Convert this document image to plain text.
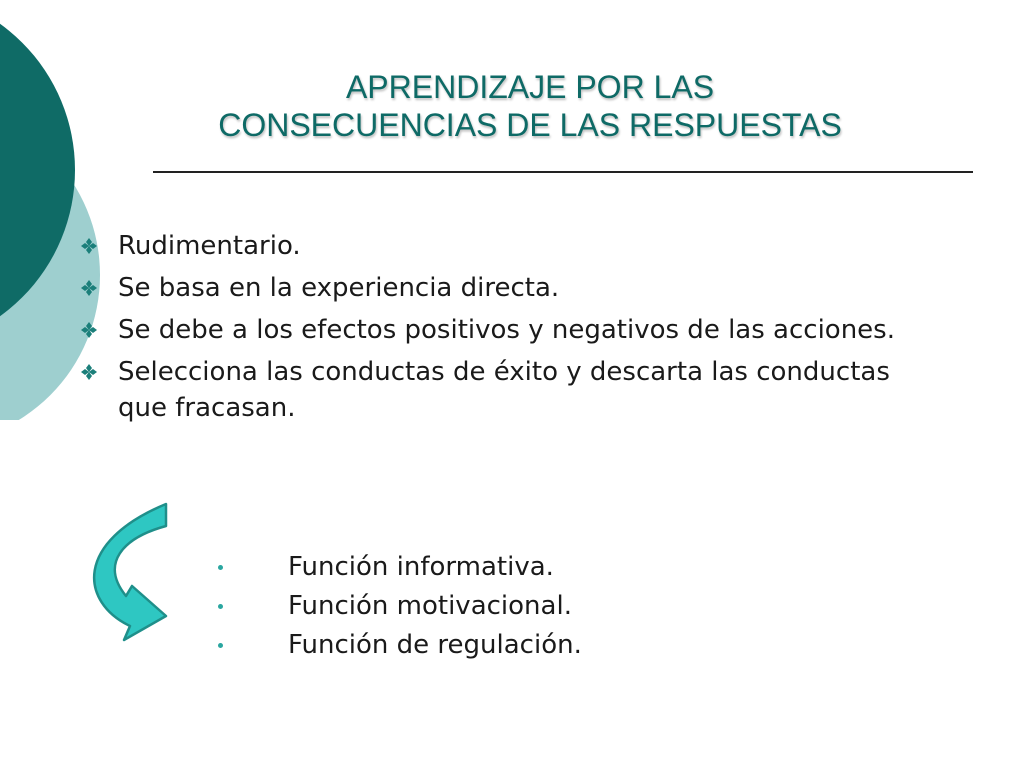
APRENDIZAJE POR LAS
CONSECUENCIAS DE LAS RESPUESTAS
Rudimentario.
Se basa en la experiencia directa.
Se debe a los efectos positivos y negativos de las acciones.
Selecciona las conductas de éxito y descarta las conductas que fracasan.
Función informativa.
Función motivacional.
Función de regulación.
